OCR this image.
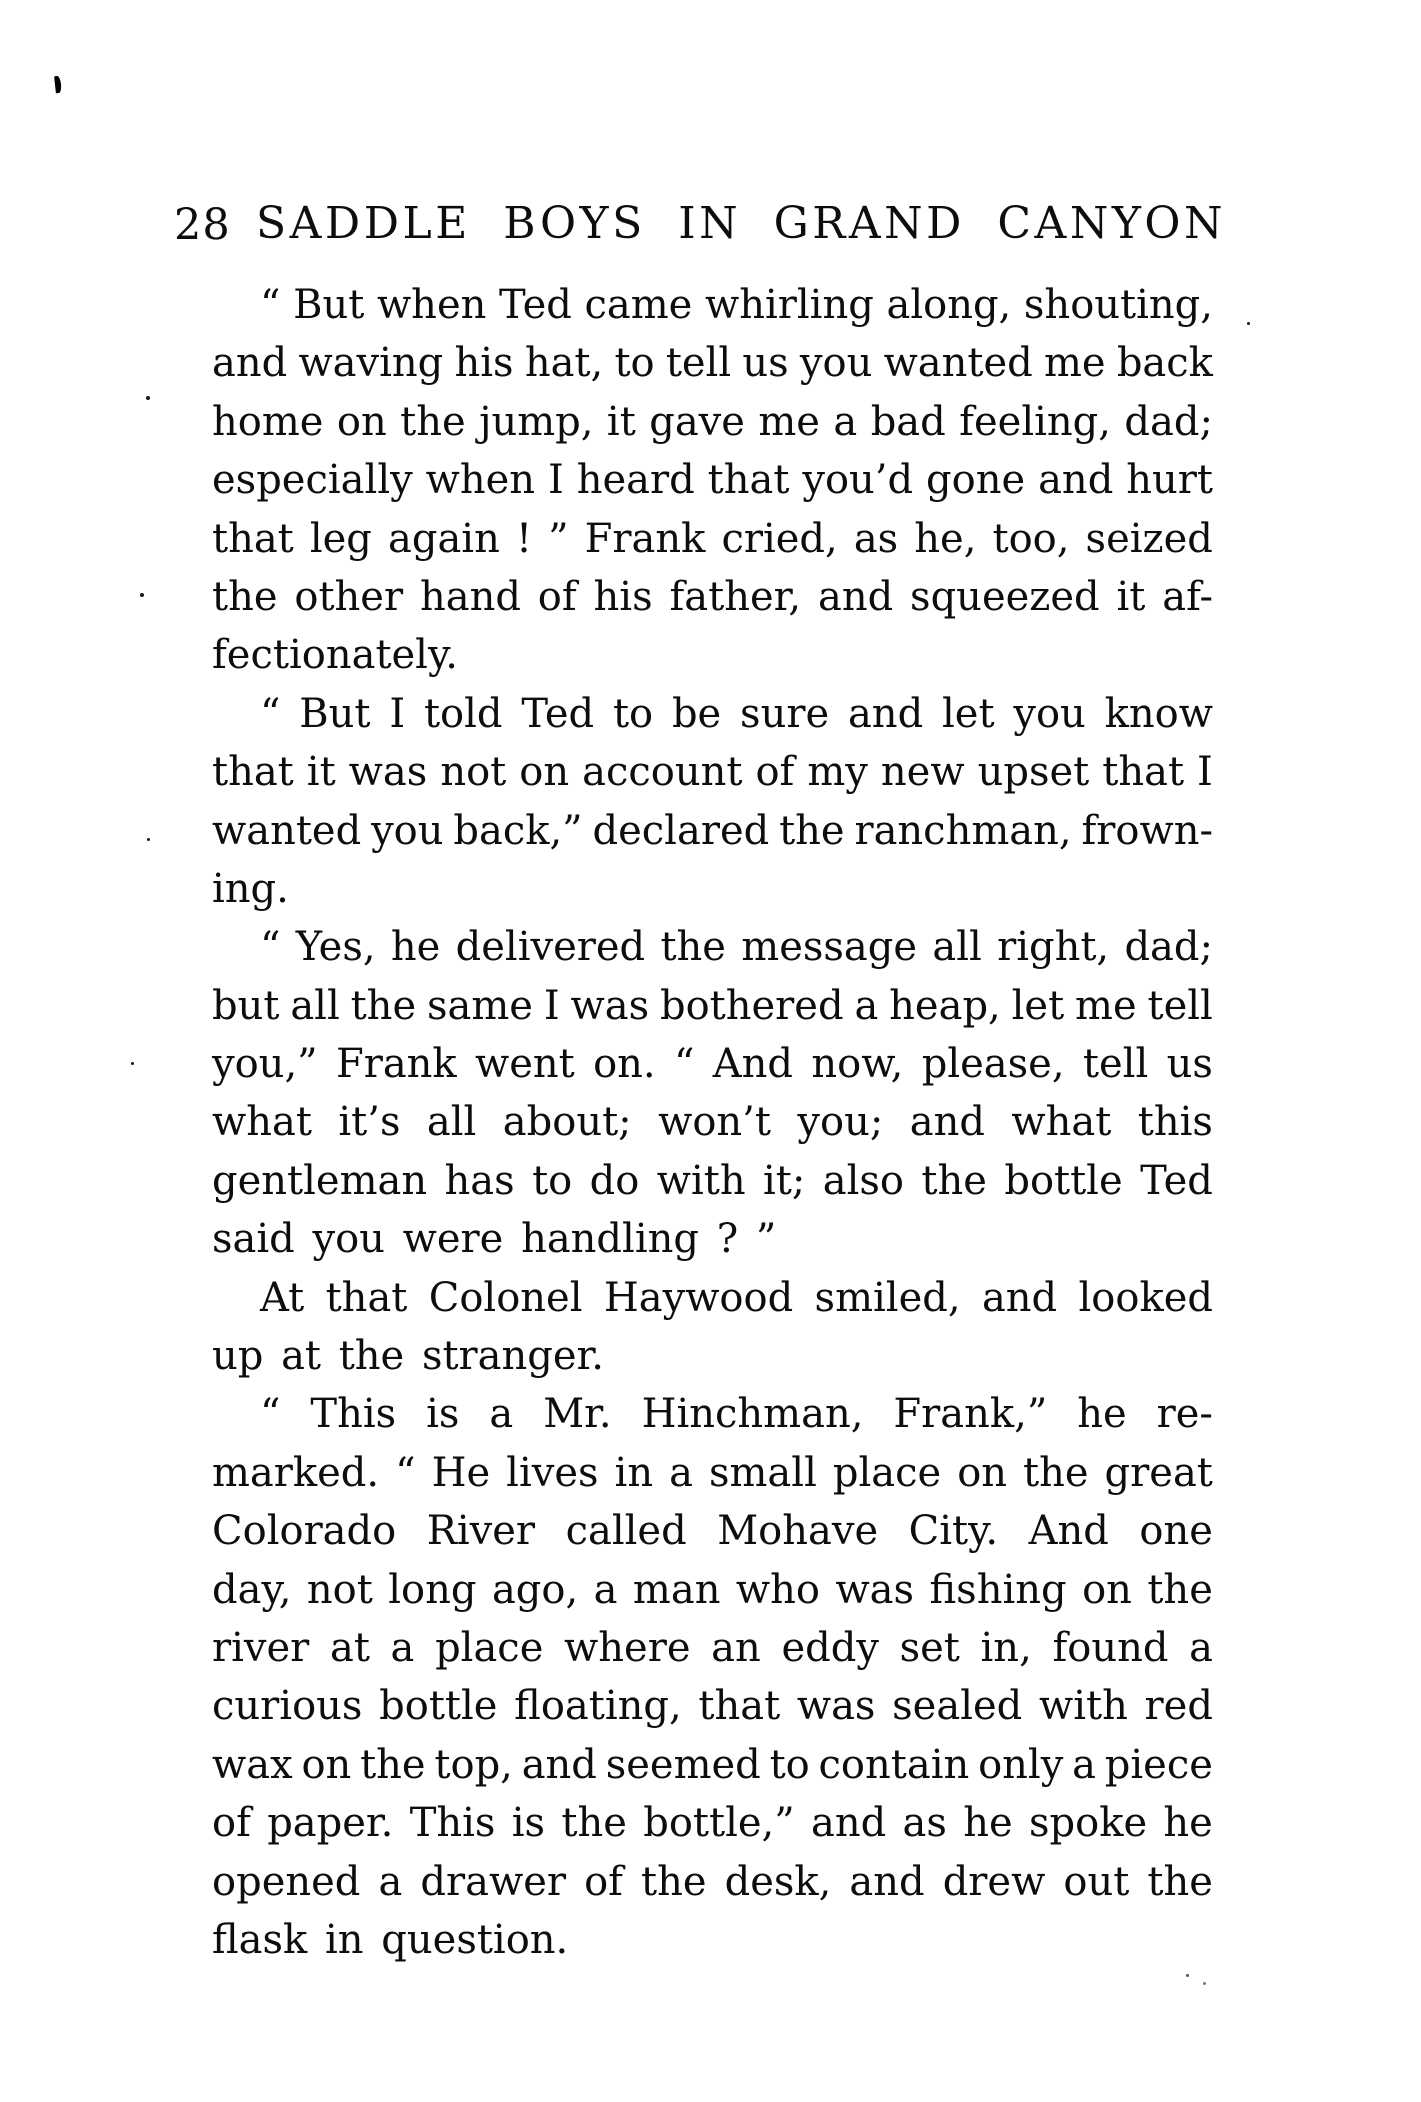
28 SADDLE BOYS IN GRAND CANYON
“ But when Ted came whirling along, shouting,
and waving his hat, to tell us you wanted me back
home on the jump, it gave me a bad feeling, dad;
especially when I heard that you’d gone and hurt
that leg again ! ” Frank cried, as he, too, seized
the other hand of his father, and squeezed it af-
fectionately.
“ But I told Ted to be sure and let you know
that it was not on account of my new upset that I
wanted you back,” declared the ranchman, frown-
ing.
“ Yes, he delivered the message all right, dad;
but all the same I was bothered a heap, let me tell
you,” Frank went on. “ And now, please, tell us
what it’s all about; won’t you; and what this
gentleman has to do with it; also the bottle Ted
said you were handling ? ”
At that Colonel Haywood smiled, and looked
up at the stranger.
“ This is a Mr. Hinchman, Frank,” he re-
marked. “ He lives in a small place on the great
Colorado River called Mohave City. And one
day, not long ago, a man who was fishing on the
river at a place where an eddy set in, found a
curious bottle floating, that was sealed with red
wax on the top, and seemed to contain only a piece
of paper. This is the bottle,” and as he spoke he
opened a drawer of the desk, and drew out the
flask in question.
